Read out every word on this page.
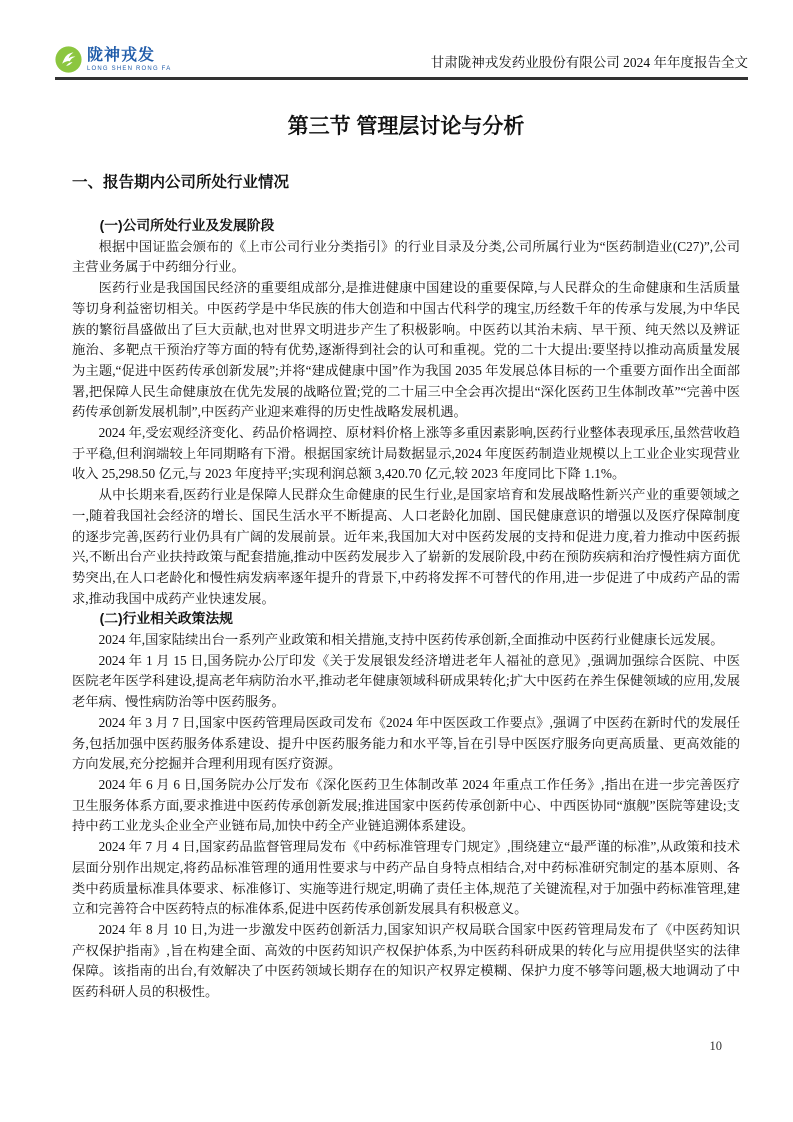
陇神戎发
LONG SHEN RONG FA	甘肃陇神戎发药业股份有限公司 2024 年年度报告全文
第三节 管理层讨论与分析
一、报告期内公司所处行业情况
(一)公司所处行业及发展阶段

根据中国证监会颁布的《上市公司行业分类指引》的行业目录及分类,公司所属行业为“医药制造业(C27)”,公司主营业务属于中药细分行业。

医药行业是我国国民经济的重要组成部分,是推进健康中国建设的重要保障,与人民群众的生命健康和生活质量等切身利益密切相关。中医药学是中华民族的伟大创造和中国古代科学的瑰宝,历经数千年的传承与发展,为中华民族的繁衍昌盛做出了巨大贡献,也对世界文明进步产生了积极影响。中医药以其治未病、早干预、纯天然以及辨证施治、多靶点干预治疗等方面的特有优势,逐渐得到社会的认可和重视。党的二十大提出:要坚持以推动高质量发展为主题,“促进中医药传承创新发展”;并将“建成健康中国”作为我国 2035 年发展总体目标的一个重要方面作出全面部署,把保障人民生命健康放在优先发展的战略位置;党的二十届三中全会再次提出“深化医药卫生体制改革”“完善中医药传承创新发展机制”,中医药产业迎来难得的历史性战略发展机遇。

2024 年,受宏观经济变化、药品价格调控、原材料价格上涨等多重因素影响,医药行业整体表现承压,虽然营收趋于平稳,但利润端较上年同期略有下滑。根据国家统计局数据显示,2024 年度医药制造业规模以上工业企业实现营业收入 25,298.50 亿元,与 2023 年度持平;实现利润总额 3,420.70 亿元,较 2023 年度同比下降 1.1%。

从中长期来看,医药行业是保障人民群众生命健康的民生行业,是国家培育和发展战略性新兴产业的重要领域之一,随着我国社会经济的增长、国民生活水平不断提高、人口老龄化加剧、国民健康意识的增强以及医疗保障制度的逐步完善,医药行业仍具有广阔的发展前景。近年来,我国加大对中医药发展的支持和促进力度,着力推动中医药振兴,不断出台产业扶持政策与配套措施,推动中医药发展步入了崭新的发展阶段,中药在预防疾病和治疗慢性病方面优势突出,在人口老龄化和慢性病发病率逐年提升的背景下,中药将发挥不可替代的作用,进一步促进了中成药产品的需求,推动我国中成药产业快速发展。

(二)行业相关政策法规

2024 年,国家陆续出台一系列产业政策和相关措施,支持中医药传承创新,全面推动中医药行业健康长远发展。

2024 年 1 月 15 日,国务院办公厅印发《关于发展银发经济增进老年人福祉的意见》,强调加强综合医院、中医医院老年医学科建设,提高老年病防治水平,推动老年健康领域科研成果转化;扩大中医药在养生保健领域的应用,发展老年病、慢性病防治等中医药服务。

2024 年 3 月 7 日,国家中医药管理局医政司发布《2024 年中医医政工作要点》,强调了中医药在新时代的发展任务,包括加强中医药服务体系建设、提升中医药服务能力和水平等,旨在引导中医医疗服务向更高质量、更高效能的方向发展,充分挖掘并合理利用现有医疗资源。

2024 年 6 月 6 日,国务院办公厅发布《深化医药卫生体制改革 2024 年重点工作任务》,指出在进一步完善医疗卫生服务体系方面,要求推进中医药传承创新发展;推进国家中医药传承创新中心、中西医协同“旗舰”医院等建设;支持中药工业龙头企业全产业链布局,加快中药全产业链追溯体系建设。

2024 年 7 月 4 日,国家药品监督管理局发布《中药标准管理专门规定》,围绕建立“最严谨的标准”,从政策和技术层面分别作出规定,将药品标准管理的通用性要求与中药产品自身特点相结合,对中药标准研究制定的基本原则、各类中药质量标准具体要求、标准修订、实施等进行规定,明确了责任主体,规范了关键流程,对于加强中药标准管理,建立和完善符合中医药特点的标准体系,促进中医药传承创新发展具有积极意义。

2024 年 8 月 10 日,为进一步激发中医药创新活力,国家知识产权局联合国家中医药管理局发布了《中医药知识产权保护指南》,旨在构建全面、高效的中医药知识产权保护体系,为中医药科研成果的转化与应用提供坚实的法律保障。该指南的出台,有效解决了中医药领域长期存在的知识产权界定模糊、保护力度不够等问题,极大地调动了中医药科研人员的积极性。

10
